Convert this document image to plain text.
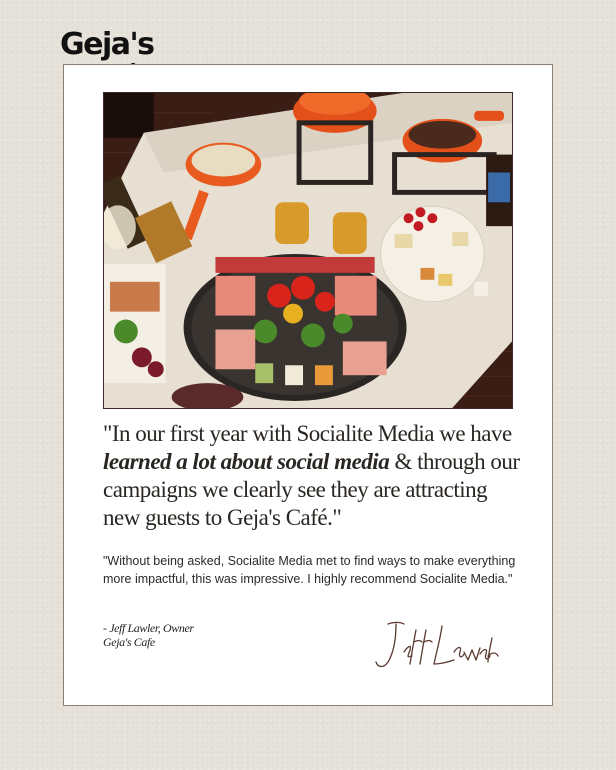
Geja's
"In our first year with Socialite Media we have learned a lot about social media & through our campaigns we clearly see they are attracting new guests to Geja's Café."
"Without being asked, Socialite Media met to find ways to make everything more impactful, this was impressive. I highly recommend Socialite Media."
- Jeff Lawler, Owner
Geja's Cafe
